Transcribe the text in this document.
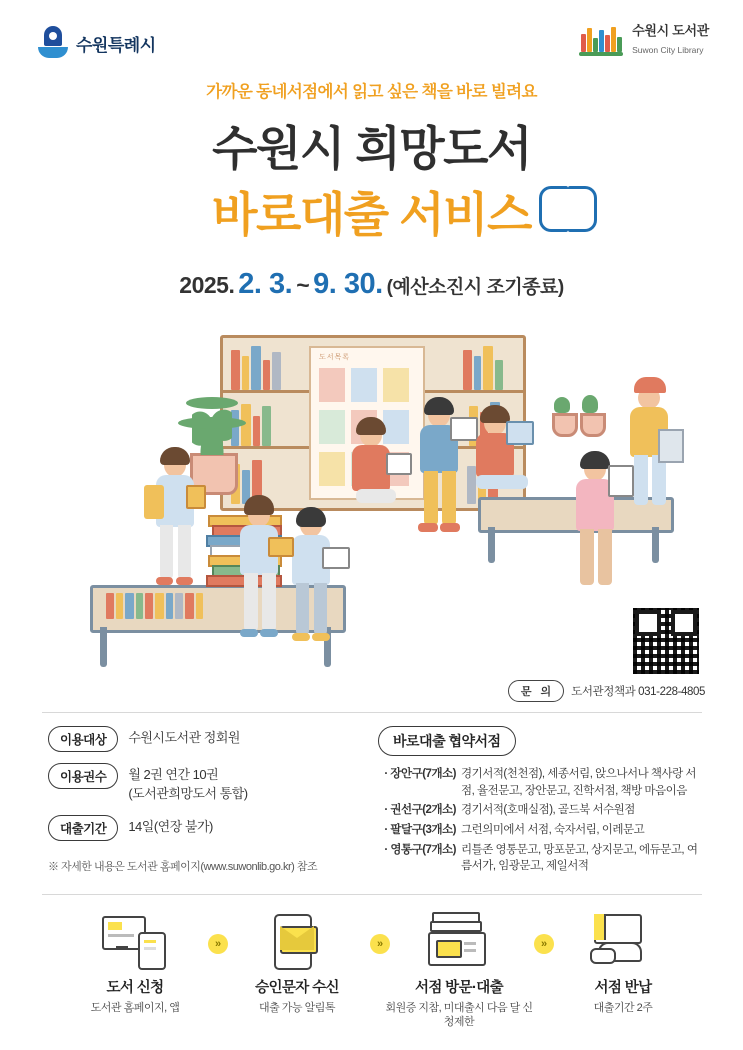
수원특례시
수원시 도서관
Suwon City Library
가까운 동네서점에서 읽고 싶은 책을 바로 빌려요
수원시 희망도서
바로대출 서비스
2025. 2. 3. ~ 9. 30. (예산소진시 조기종료)
도서목록
문 의	도서관정책과 031-228-4805
이용대상	수원시도서관 정회원
이용권수	월 2권 연간 10권
(도서관희망도서 통합)
대출기간	14일(연장 불가)
※ 자세한 내용은 도서관 홈페이지(www.suwonlib.go.kr) 참조
바로대출 협약서점
· 장안구(7개소) 경기서적(천천점), 세종서림, 앉으나서나 책사랑 서점, 율전문고, 장안문고, 진학서점, 책방 마음이음
· 권선구(2개소) 경기서적(호매실점), 골드북 서수원점
· 팔달구(3개소) 그런의미에서 서점, 숙자서림, 이레문고
· 영통구(7개소) 리틀존 영통문고, 망포문고, 상지문고, 에듀문고, 여름서가, 임광문고, 제일서적
도서 신청
도서관 홈페이지, 앱
»
승인문자 수신
대출 가능 알림톡
»
서점 방문·대출
회원증 지참, 미대출시 다음 달 신청제한
»
서점 반납
대출기간 2주
